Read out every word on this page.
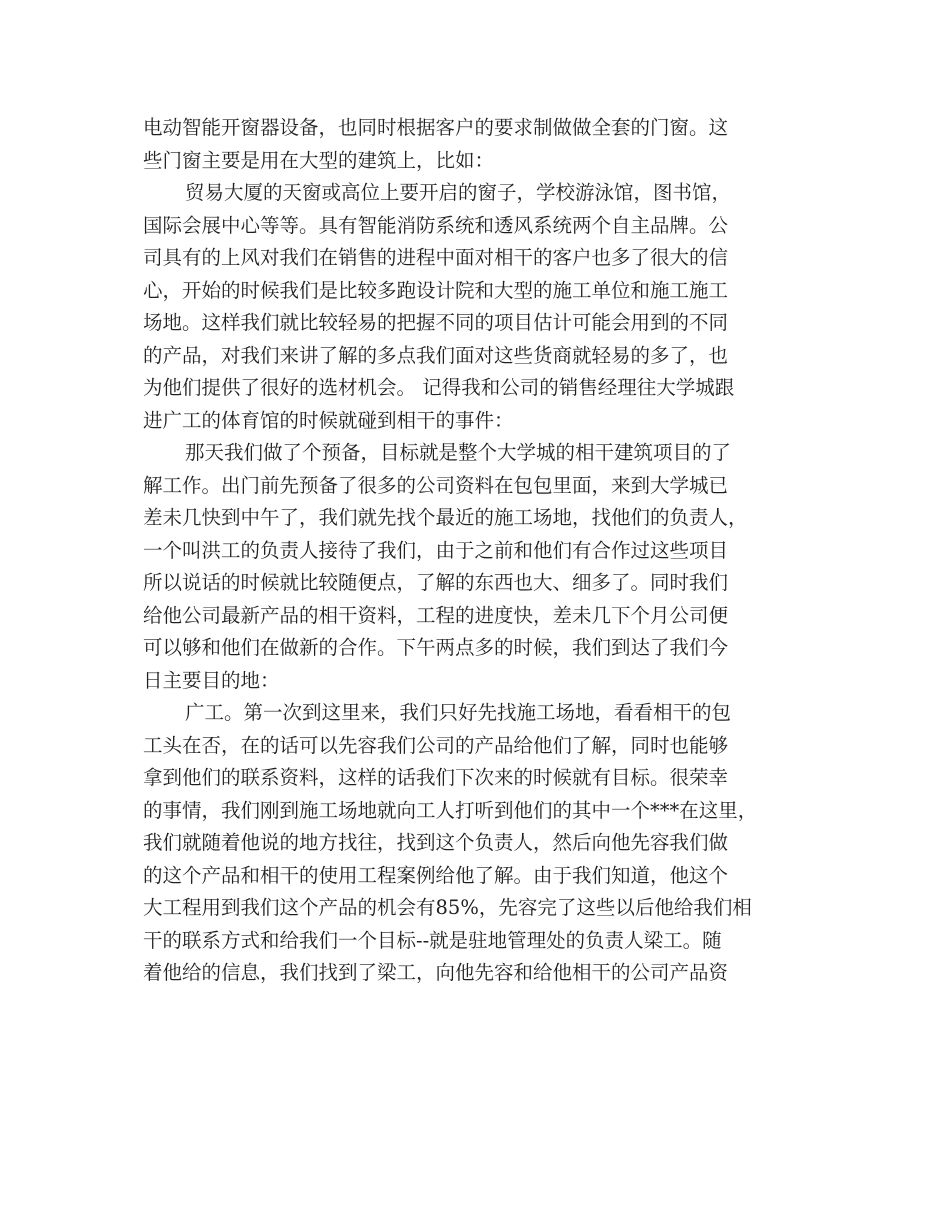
电动智能开窗器设备，也同时根据客户的要求制做做全套的门窗。这
些门窗主要是用在大型的建筑上，比如：
贸易大厦的天窗或高位上要开启的窗子，学校游泳馆，图书馆，
国际会展中心等等。具有智能消防系统和透风系统两个自主品牌。公
司具有的上风对我们在销售的进程中面对相干的客户也多了很大的信
心，开始的时候我们是比较多跑设计院和大型的施工单位和施工施工
场地。这样我们就比较轻易的把握不同的项目估计可能会用到的不同
的产品，对我们来讲了解的多点我们面对这些货商就轻易的多了，也
为他们提供了很好的选材机会。 记得我和公司的销售经理往大学城跟
进广工的体育馆的时候就碰到相干的事件：
那天我们做了个预备，目标就是整个大学城的相干建筑项目的了
解工作。出门前先预备了很多的公司资料在包包里面，来到大学城已
差未几快到中午了，我们就先找个最近的施工场地，找他们的负责人，
一个叫洪工的负责人接待了我们，由于之前和他们有合作过这些项目
所以说话的时候就比较随便点，了解的东西也大、细多了。同时我们
给他公司最新产品的相干资料，工程的进度快，差未几下个月公司便
可以够和他们在做新的合作。下午两点多的时候，我们到达了我们今
日主要目的地：
广工。第一次到这里来，我们只好先找施工场地，看看相干的包
工头在否，在的话可以先容我们公司的产品给他们了解，同时也能够
拿到他们的联系资料，这样的话我们下次来的时候就有目标。很荣幸
的事情，我们刚到施工场地就向工人打听到他们的其中一个***在这里，
我们就随着他说的地方找往，找到这个负责人，然后向他先容我们做
的这个产品和相干的使用工程案例给他了解。由于我们知道，他这个
大工程用到我们这个产品的机会有85%，先容完了这些以后他给我们相
干的联系方式和给我们一个目标--就是驻地管理处的负责人梁工。随
着他给的信息，我们找到了梁工，向他先容和给他相干的公司产品资
